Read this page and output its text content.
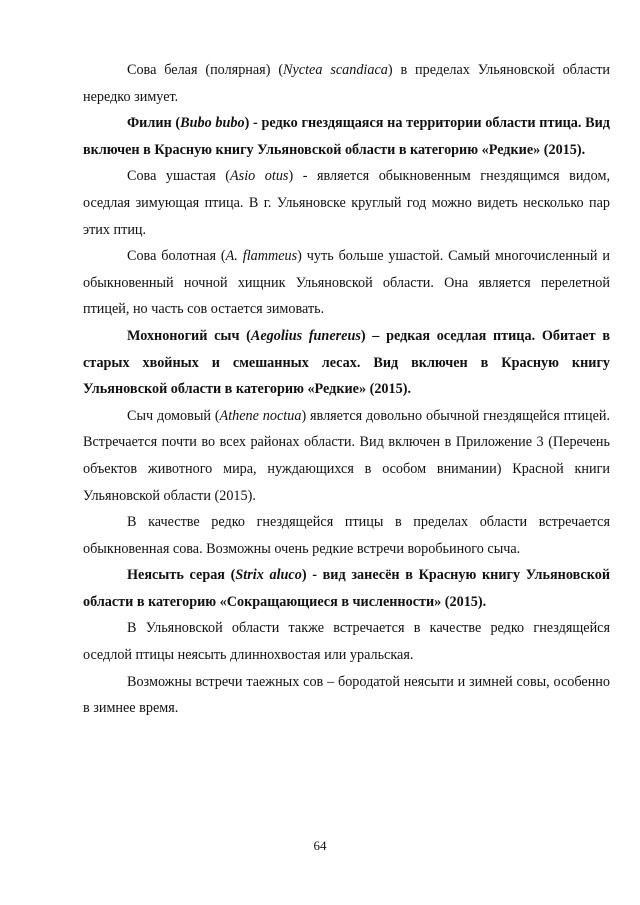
Сова белая (полярная) (Nyctea scandiaca) в пределах Ульяновской области нередко зимует.

Филин (Bubo bubo) - редко гнездящаяся на территории области птица. Вид включен в Красную книгу Ульяновской области в категорию «Редкие» (2015).

Сова ушастая (Asio otus) - является обыкновенным гнездящимся видом, оседлая зимующая птица. В г. Ульяновске круглый год можно видеть несколько пар этих птиц.

Сова болотная (A. flammeus) чуть больше ушастой. Самый многочисленный и обыкновенный ночной хищник Ульяновской области. Она является перелетной птицей, но часть сов остается зимовать.

Мохноногий сыч (Aegolius funereus) – редкая оседлая птица. Обитает в старых хвойных и смешанных лесах. Вид включен в Красную книгу Ульяновской области в категорию «Редкие» (2015).

Сыч домовый (Athene noctua) является довольно обычной гнездящейся птицей. Встречается почти во всех районах области. Вид включен в Приложение 3 (Перечень объектов животного мира, нуждающихся в особом внимании) Красной книги Ульяновской области (2015).

В качестве редко гнездящейся птицы в пределах области встречается обыкновенная сова. Возможны очень редкие встречи воробьиного сыча.

Неясыть серая (Strix aluco) - вид занесён в Красную книгу Ульяновской области в категорию «Сокращающиеся в численности» (2015).

В Ульяновской области также встречается в качестве редко гнездящейся оседлой птицы неясыть длиннохвостая или уральская.

Возможны встречи таежных сов – бородатой неясыти и зимней совы, особенно в зимнее время.

64
